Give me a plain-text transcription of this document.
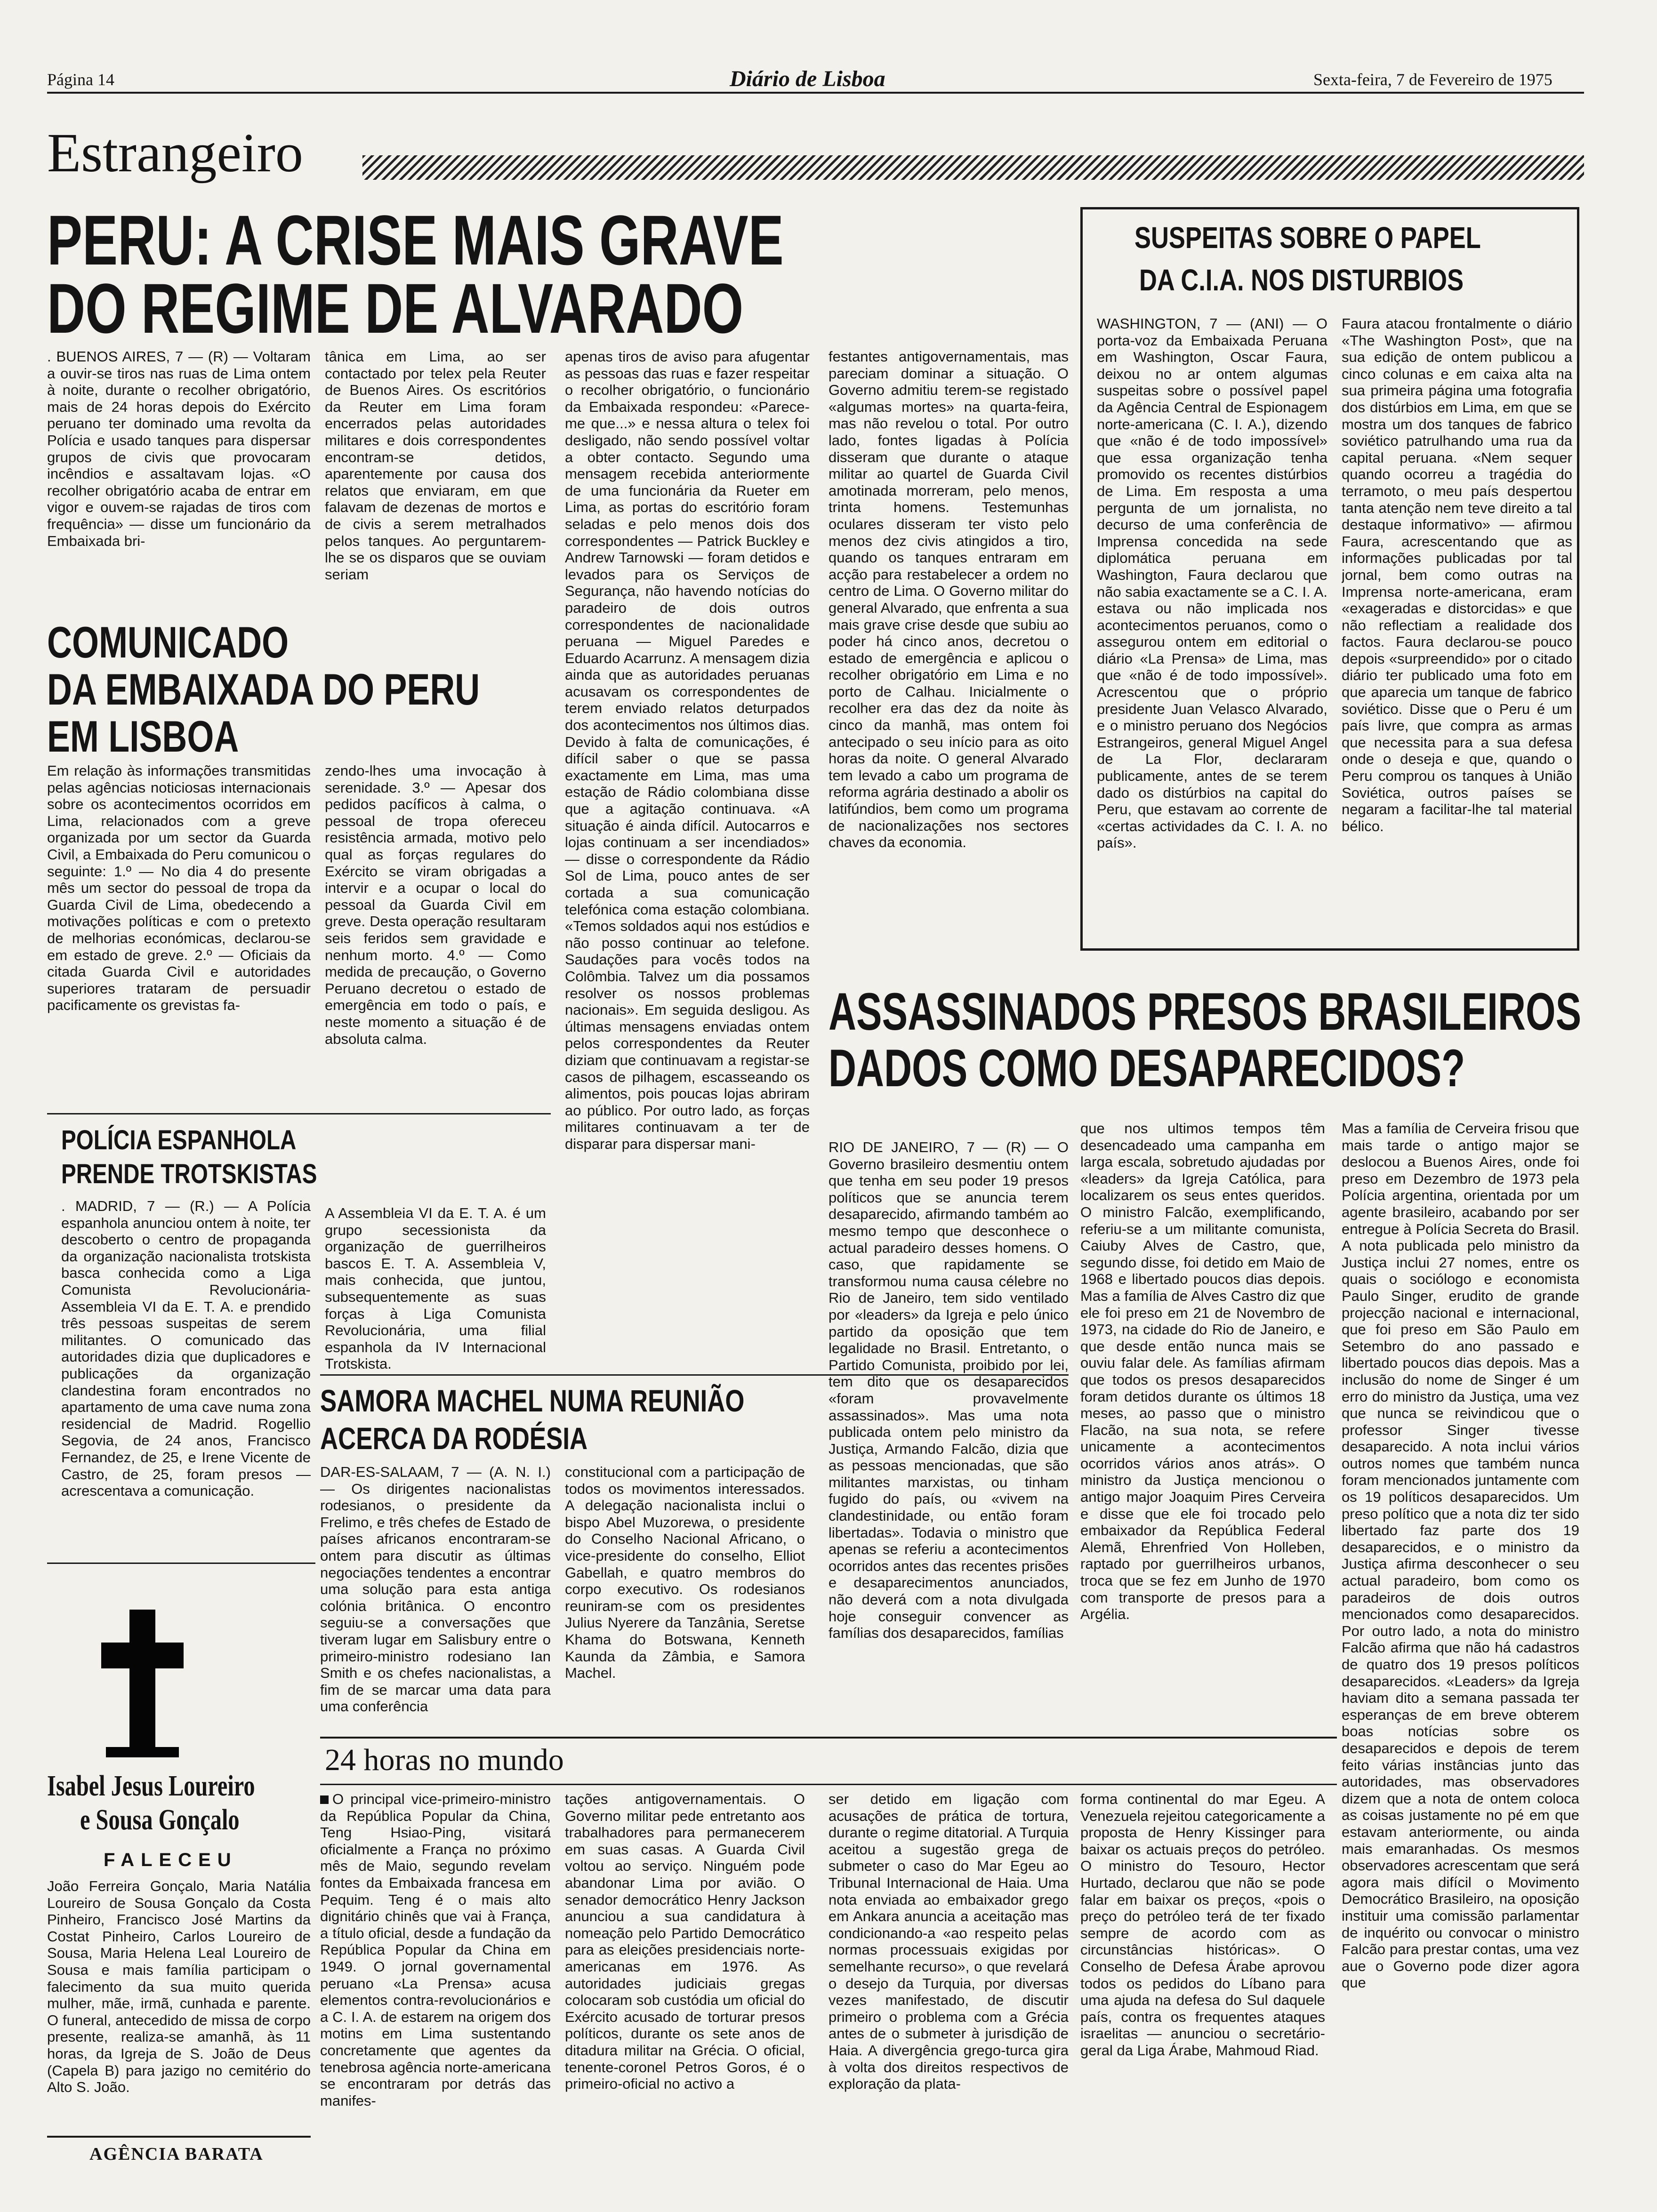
Página 14	Diário de Lisboa	Sexta-feira, 7 de Fevereiro de 1975
Estrangeiro
PERU: A CRISE MAIS GRAVE
DO REGIME DE ALVARADO
. BUENOS AIRES, 7 — (R) — Voltaram a ouvir-se tiros nas ruas de Lima ontem à noite, durante o recolher obrigatório, mais de 24 horas depois do Exército peruano ter dominado uma revolta da Polícia e usado tanques para dispersar grupos de civis que provocaram incêndios e assaltavam lojas. «O recolher obrigatório acaba de entrar em vigor e ouvem-se rajadas de tiros com frequência» — disse um funcionário da Embaixada bri-
tânica em Lima, ao ser contactado por telex pela Reuter de Buenos Aires. Os escritórios da Reuter em Lima foram encerrados pelas autoridades militares e dois correspondentes encontram-se detidos, aparentemente por causa dos relatos que enviaram, em que falavam de dezenas de mortos e de civis a serem metralhados pelos tanques. Ao perguntarem-lhe se os disparos que se ouviam seriam
apenas tiros de aviso para afugentar as pessoas das ruas e fazer respeitar o recolher obrigatório, o funcionário da Embaixada respondeu: «Parece-me que...» e nessa altura o telex foi desligado, não sendo possível voltar a obter contacto. Segundo uma mensagem recebida anteriormente de uma funcionária da Rueter em Lima, as portas do escritório foram seladas e pelo menos dois dos correspondentes — Patrick Buckley e Andrew Tarnowski — foram detidos e levados para os Serviços de Segurança, não havendo notícias do paradeiro de dois outros correspondentes de nacionalidade peruana — Miguel Paredes e Eduardo Acarrunz. A mensagem dizia ainda que as autoridades peruanas acusavam os correspondentes de terem enviado relatos deturpados dos acontecimentos nos últimos dias. Devido à falta de comunicações, é difícil saber o que se passa exactamente em Lima, mas uma estação de Rádio colombiana disse que a agitação continuava. «A situação é ainda difícil. Autocarros e lojas continuam a ser incendiados» — disse o correspondente da Rádio Sol de Lima, pouco antes de ser cortada a sua comunicação telefónica coma estação colombiana. «Temos soldados aqui nos estúdios e não posso continuar ao telefone. Saudações para vocês todos na Colômbia. Talvez um dia possamos resolver os nossos problemas nacionais». Em seguida desligou. As últimas mensagens enviadas ontem pelos correspondentes da Reuter diziam que continuavam a registar-se casos de pilhagem, escasseando os alimentos, pois poucas lojas abriram ao público. Por outro lado, as forças militares continuavam a ter de disparar para dispersar mani-
festantes antigovernamentais, mas pareciam dominar a situação. O Governo admitiu terem-se registado «algumas mortes» na quarta-feira, mas não revelou o total. Por outro lado, fontes ligadas à Polícia disseram que durante o ataque militar ao quartel de Guarda Civil amotinada morreram, pelo menos, trinta homens. Testemunhas oculares disseram ter visto pelo menos dez civis atingidos a tiro, quando os tanques entraram em acção para restabelecer a ordem no centro de Lima. O Governo militar do general Alvarado, que enfrenta a sua mais grave crise desde que subiu ao poder há cinco anos, decretou o estado de emergência e aplicou o recolher obrigatório em Lima e no porto de Calhau. Inicialmente o recolher era das dez da noite às cinco da manhã, mas ontem foi antecipado o seu início para as oito horas da noite. O general Alvarado tem levado a cabo um programa de reforma agrária destinado a abolir os latifúndios, bem como um programa de nacionalizações nos sectores chaves da economia.
SUSPEITAS SOBRE O PAPEL
DA C.I.A. NOS DISTURBIOS
WASHINGTON, 7 — (ANI) — O porta-voz da Embaixada Peruana em Washington, Oscar Faura, deixou no ar ontem algumas suspeitas sobre o possível papel da Agência Central de Espionagem norte-americana (C. I. A.), dizendo que «não é de todo impossível» que essa organização tenha promovido os recentes distúrbios de Lima. Em resposta a uma pergunta de um jornalista, no decurso de uma conferência de Imprensa concedida na sede diplomática peruana em Washington, Faura declarou que não sabia exactamente se a C. I. A. estava ou não implicada nos acontecimentos peruanos, como o assegurou ontem em editorial o diário «La Prensa» de Lima, mas que «não é de todo impossível». Acrescentou que o próprio presidente Juan Velasco Alvarado, e o ministro peruano dos Negócios Estrangeiros, general Miguel Angel de La Flor, declararam publicamente, antes de se terem dado os distúrbios na capital do Peru, que estavam ao corrente de «certas actividades da C. I. A. no país».
Faura atacou frontalmente o diário «The Washington Post», que na sua edição de ontem publicou a cinco colunas e em caixa alta na sua primeira página uma fotografia dos distúrbios em Lima, em que se mostra um dos tanques de fabrico soviético patrulhando uma rua da capital peruana. «Nem sequer quando ocorreu a tragédia do terramoto, o meu país despertou tanta atenção nem teve direito a tal destaque informativo» — afirmou Faura, acrescentando que as informações publicadas por tal jornal, bem como outras na Imprensa norte-americana, eram «exageradas e distorcidas» e que não reflectiam a realidade dos factos. Faura declarou-se pouco depois «surpreendido» por o citado diário ter publicado uma foto em que aparecia um tanque de fabrico soviético. Disse que o Peru é um país livre, que compra as armas que necessita para a sua defesa onde o deseja e que, quando o Peru comprou os tanques à União Soviética, outros países se negaram a facilitar-lhe tal material bélico.
COMUNICADO
DA EMBAIXADA DO PERU
EM LISBOA
Em relação às informações transmitidas pelas agências noticiosas internacionais sobre os acontecimentos ocorridos em Lima, relacionados com a greve organizada por um sector da Guarda Civil, a Embaixada do Peru comunicou o seguinte: 1.º — No dia 4 do presente mês um sector do pessoal de tropa da Guarda Civil de Lima, obedecendo a motivações políticas e com o pretexto de melhorias económicas, declarou-se em estado de greve. 2.º — Oficiais da citada Guarda Civil e autoridades superiores trataram de persuadir pacificamente os grevistas fa-
zendo-lhes uma invocação à serenidade. 3.º — Apesar dos pedidos pacíficos à calma, o pessoal de tropa ofereceu resistência armada, motivo pelo qual as forças regulares do Exército se viram obrigadas a intervir e a ocupar o local do pessoal da Guarda Civil em greve. Desta operação resultaram seis feridos sem gravidade e nenhum morto. 4.º — Como medida de precaução, o Governo Peruano decretou o estado de emergência em todo o país, e neste momento a situação é de absoluta calma.
POLÍCIA ESPANHOLA
PRENDE TROTSKISTAS
. MADRID, 7 — (R.) — A Polícia espanhola anunciou ontem à noite, ter descoberto o centro de propaganda da organização nacionalista trotskista basca conhecida como a Liga Comunista Revolucionária-Assembleia VI da E. T. A. e prendido três pessoas suspeitas de serem militantes. O comunicado das autoridades dizia que duplicadores e publicações da organização clandestina foram encontrados no apartamento de uma cave numa zona residencial de Madrid. Rogellio Segovia, de 24 anos, Francisco Fernandez, de 25, e Irene Vicente de Castro, de 25, foram presos — acrescentava a comunicação.
A Assembleia VI da E. T. A. é um grupo secessionista da organização de guerrilheiros bascos E. T. A. Assembleia V, mais conhecida, que juntou, subsequentemente as suas forças à Liga Comunista Revolucionária, uma filial espanhola da IV Internacional Trotskista.
Isabel Jesus Loureiro
e Sousa Gonçalo
FALECEU
João Ferreira Gonçalo, Maria Natália Loureiro de Sousa Gonçalo da Costa Pinheiro, Francisco José Martins da Costat Pinheiro, Carlos Loureiro de Sousa, Maria Helena Leal Loureiro de Sousa e mais família participam o falecimento da sua muito querida mulher, mãe, irmã, cunhada e parente. O funeral, antecedido de missa de corpo presente, realiza-se amanhã, às 11 horas, da Igreja de S. João de Deus (Capela B) para jazigo no cemitério do Alto S. João.
AGÊNCIA BARATA
SAMORA MACHEL NUMA REUNIÃO
ACERCA DA RODÉSIA
DAR-ES-SALAAM, 7 — (A. N. I.) — Os dirigentes nacionalistas rodesianos, o presidente da Frelimo, e três chefes de Estado de países africanos encontraram-se ontem para discutir as últimas negociações tendentes a encontrar uma solução para esta antiga colónia britânica. O encontro seguiu-se a conversações que tiveram lugar em Salisbury entre o primeiro-ministro rodesiano Ian Smith e os chefes nacionalistas, a fim de se marcar uma data para uma conferência
constitucional com a participação de todos os movimentos interessados. A delegação nacionalista inclui o bispo Abel Muzorewa, o presidente do Conselho Nacional Africano, o vice-presidente do conselho, Elliot Gabellah, e quatro membros do corpo executivo. Os rodesianos reuniram-se com os presidentes Julius Nyerere da Tanzânia, Seretse Khama do Botswana, Kenneth Kaunda da Zâmbia, e Samora Machel.
ASSASSINADOS PRESOS BRASILEIROS
DADOS COMO DESAPARECIDOS?
RIO DE JANEIRO, 7 — (R) — O Governo brasileiro desmentiu ontem que tenha em seu poder 19 presos políticos que se anuncia terem desaparecido, afirmando também ao mesmo tempo que desconhece o actual paradeiro desses homens. O caso, que rapidamente se transformou numa causa célebre no Rio de Janeiro, tem sido ventilado por «leaders» da Igreja e pelo único partido da oposição que tem legalidade no Brasil. Entretanto, o Partido Comunista, proibido por lei, tem dito que os desaparecidos «foram provavelmente assassinados». Mas uma nota publicada ontem pelo ministro da Justiça, Armando Falcão, dizia que as pessoas mencionadas, que são militantes marxistas, ou tinham fugido do país, ou «vivem na clandestinidade, ou então foram libertadas». Todavia o ministro que apenas se referiu a acontecimentos ocorridos antes das recentes prisões e desaparecimentos anunciados, não deverá com a nota divulgada hoje conseguir convencer as famílias dos desaparecidos, famílias
que nos ultimos tempos têm desencadeado uma campanha em larga escala, sobretudo ajudadas por «leaders» da Igreja Católica, para localizarem os seus entes queridos. O ministro Falcão, exemplificando, referiu-se a um militante comunista, Caiuby Alves de Castro, que, segundo disse, foi detido em Maio de 1968 e libertado poucos dias depois. Mas a família de Alves Castro diz que ele foi preso em 21 de Novembro de 1973, na cidade do Rio de Janeiro, e que desde então nunca mais se ouviu falar dele. As famílias afirmam que todos os presos desaparecidos foram detidos durante os últimos 18 meses, ao passo que o ministro Flacão, na sua nota, se refere unicamente a acontecimentos ocorridos vários anos atrás». O ministro da Justiça mencionou o antigo major Joaquim Pires Cerveira e disse que ele foi trocado pelo embaixador da República Federal Alemã, Ehrenfried Von Holleben, raptado por guerrilheiros urbanos, troca que se fez em Junho de 1970 com transporte de presos para a Argélia.
Mas a família de Cerveira frisou que mais tarde o antigo major se deslocou a Buenos Aires, onde foi preso em Dezembro de 1973 pela Polícia argentina, orientada por um agente brasileiro, acabando por ser entregue à Polícia Secreta do Brasil. A nota publicada pelo ministro da Justiça inclui 27 nomes, entre os quais o sociólogo e economista Paulo Singer, erudito de grande projecção nacional e internacional, que foi preso em São Paulo em Setembro do ano passado e libertado poucos dias depois. Mas a inclusão do nome de Singer é um erro do ministro da Justiça, uma vez que nunca se reivindicou que o professor Singer tivesse desaparecido. A nota inclui vários outros nomes que também nunca foram mencionados juntamente com os 19 políticos desaparecidos. Um preso político que a nota diz ter sido libertado faz parte dos 19 desaparecidos, e o ministro da Justiça afirma desconhecer o seu actual paradeiro, bom como os paradeiros de dois outros mencionados como desaparecidos. Por outro lado, a nota do ministro Falcão afirma que não há cadastros de quatro dos 19 presos políticos desaparecidos. «Leaders» da Igreja haviam dito a semana passada ter esperanças de em breve obterem boas notícias sobre os desaparecidos e depois de terem feito várias instâncias junto das autoridades, mas observadores dizem que a nota de ontem coloca as coisas justamente no pé em que estavam anteriormente, ou ainda mais emaranhadas. Os mesmos observadores acrescentam que será agora mais difícil o Movimento Democrático Brasileiro, na oposição instituir uma comissão parlamentar de inquérito ou convocar o ministro Falcão para prestar contas, uma vez aue o Governo pode dizer agora que
24 horas no mundo
O principal vice-primeiro-ministro da República Popular da China, Teng Hsiao-Ping, visitará oficialmente a França no próximo mês de Maio, segundo revelam fontes da Embaixada francesa em Pequim. Teng é o mais alto dignitário chinês que vai à França, a título oficial, desde a fundação da República Popular da China em 1949. O jornal governamental peruano «La Prensa» acusa elementos contra-revolucionários e a C. I. A. de estarem na origem dos motins em Lima sustentando concretamente que agentes da tenebrosa agência norte-americana se encontraram por detrás das manifes-
tações antigovernamentais. O Governo militar pede entretanto aos trabalhadores para permanecerem em suas casas. A Guarda Civil voltou ao serviço. Ninguém pode abandonar Lima por avião. O senador democrático Henry Jackson anunciou a sua candidatura à nomeação pelo Partido Democrático para as eleições presidenciais norte-americanas em 1976. As autoridades judiciais gregas colocaram sob custódia um oficial do Exército acusado de torturar presos políticos, durante os sete anos de ditadura militar na Grécia. O oficial, tenente-coronel Petros Goros, é o primeiro-oficial no activo a
ser detido em ligação com acusações de prática de tortura, durante o regime ditatorial. A Turquia aceitou a sugestão grega de submeter o caso do Mar Egeu ao Tribunal Internacional de Haia. Uma nota enviada ao embaixador grego em Ankara anuncia a aceitação mas condicionando-a «ao respeito pelas normas processuais exigidas por semelhante recurso», o que revelará o desejo da Turquia, por diversas vezes manifestado, de discutir primeiro o problema com a Grécia antes de o submeter à jurisdição de Haia. A divergência grego-turca gira à volta dos direitos respectivos de exploração da plata-
forma continental do mar Egeu. A Venezuela rejeitou categoricamente a proposta de Henry Kissinger para baixar os actuais preços do petróleo. O ministro do Tesouro, Hector Hurtado, declarou que não se pode falar em baixar os preços, «pois o preço do petróleo terá de ter fixado sempre de acordo com as circunstâncias históricas». O Conselho de Defesa Árabe aprovou todos os pedidos do Líbano para uma ajuda na defesa do Sul daquele país, contra os frequentes ataques israelitas — anunciou o secretário-geral da Liga Árabe, Mahmoud Riad.
